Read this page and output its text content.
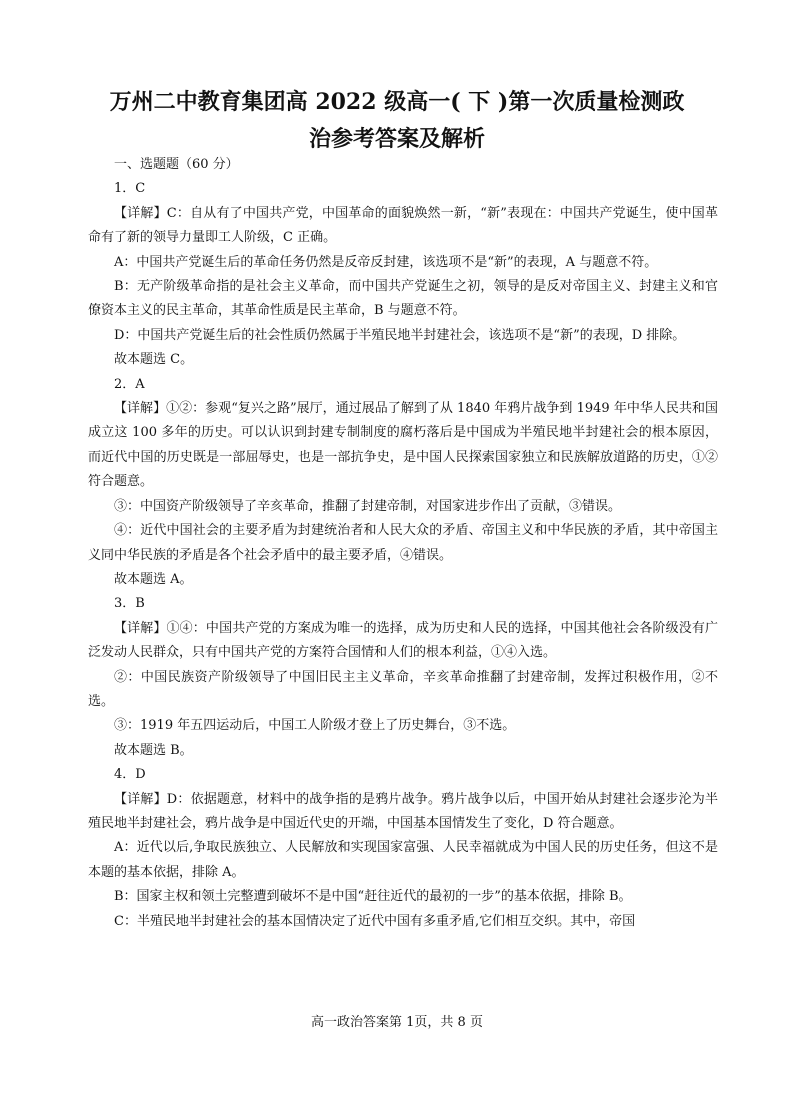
万州二中教育集团高 2022 级高一( 下 )第一次质量检测政
治参考答案及解析

一、选题题（60 分）

1．C

【详解】C：自从有了中国共产党，中国革命的面貌焕然一新，“新”表现在：中国共产党诞生，使中国革命有了新的领导力量即工人阶级，C 正确。

A：中国共产党诞生后的革命任务仍然是反帝反封建，该选项不是“新”的表现，A 与题意不符。

B：无产阶级革命指的是社会主义革命，而中国共产党诞生之初，领导的是反对帝国主义、封建主义和官僚资本主义的民主革命，其革命性质是民主革命，B 与题意不符。

D：中国共产党诞生后的社会性质仍然属于半殖民地半封建社会，该选项不是“新”的表现，D 排除。

故本题选 C。

2．A

【详解】①②：参观“复兴之路”展厅，通过展品了解到了从 1840 年鸦片战争到 1949 年中华人民共和国成立这 100 多年的历史。可以认识到封建专制制度的腐朽落后是中国成为半殖民地半封建社会的根本原因，而近代中国的历史既是一部屈辱史，也是一部抗争史，是中国人民探索国家独立和民族解放道路的历史，①②符合题意。

③：中国资产阶级领导了辛亥革命，推翻了封建帝制，对国家进步作出了贡献，③错误。

④：近代中国社会的主要矛盾为封建统治者和人民大众的矛盾、帝国主义和中华民族的矛盾，其中帝国主义同中华民族的矛盾是各个社会矛盾中的最主要矛盾，④错误。

故本题选 A。

3．B

【详解】①④：中国共产党的方案成为唯一的选择，成为历史和人民的选择，中国其他社会各阶级没有广泛发动人民群众，只有中国共产党的方案符合国情和人们的根本利益，①④入选。

②：中国民族资产阶级领导了中国旧民主主义革命，辛亥革命推翻了封建帝制，发挥过积极作用，②不选。

③：1919 年五四运动后，中国工人阶级才登上了历史舞台，③不选。

故本题选 B。

4．D

【详解】D：依据题意，材料中的战争指的是鸦片战争。鸦片战争以后，中国开始从封建社会逐步沦为半殖民地半封建社会，鸦片战争是中国近代史的开端，中国基本国情发生了变化，D 符合题意。

A：近代以后,争取民族独立、人民解放和实现国家富强、人民幸福就成为中国人民的历史任务，但这不是本题的基本依据，排除 A。

B：国家主权和领土完整遭到破坏不是中国“赶往近代的最初的一步”的基本依据，排除 B。

C：半殖民地半封建社会的基本国情决定了近代中国有多重矛盾,它们相互交织。其中，帝国

高一政治答案第 1页，共 8 页
